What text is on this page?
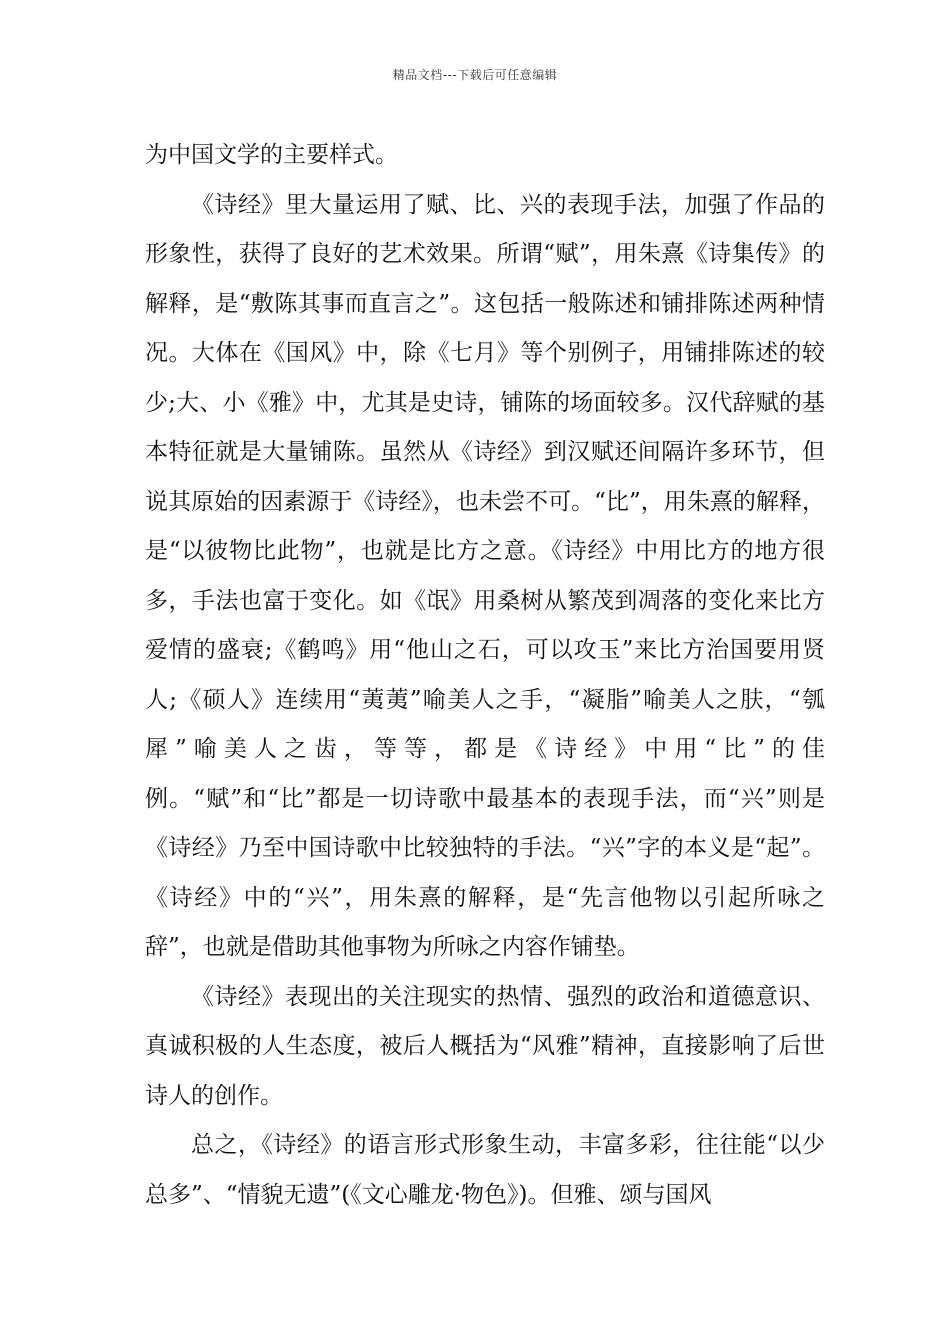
精品文档---下载后可任意编辑

为中国文学的主要样式。

《诗经》里大量运用了赋、比、兴的表现手法，加强了作品的形象性，获得了良好的艺术效果。所谓“赋”，用朱熹《诗集传》的解释，是“敷陈其事而直言之”。这包括一般陈述和铺排陈述两种情况。大体在《国风》中，除《七月》等个别例子，用铺排陈述的较少;大、小《雅》中，尤其是史诗，铺陈的场面较多。汉代辞赋的基本特征就是大量铺陈。虽然从《诗经》到汉赋还间隔许多环节，但说其原始的因素源于《诗经》，也未尝不可。“比”，用朱熹的解释，是“以彼物比此物”，也就是比方之意。《诗经》中用比方的地方很多，手法也富于变化。如《氓》用桑树从繁茂到凋落的变化来比方爱情的盛衰;《鹤鸣》用“他山之石，可以攻玉”来比方治国要用贤人;《硕人》连续用“荑荑”喻美人之手，“凝脂”喻美人之肤，“瓠犀”喻美人之齿，等等，都是《诗经》中用“比”的佳例。“赋”和“比”都是一切诗歌中最基本的表现手法，而“兴”则是《诗经》乃至中国诗歌中比较独特的手法。“兴”字的本义是“起”。《诗经》中的“兴”，用朱熹的解释，是“先言他物以引起所咏之辞”，也就是借助其他事物为所咏之内容作铺垫。

《诗经》表现出的关注现实的热情、强烈的政治和道德意识、真诚积极的人生态度，被后人概括为“风雅”精神，直接影响了后世诗人的创作。

总之，《诗经》的语言形式形象生动，丰富多彩，往往能“以少总多”、“情貌无遗”(《文心雕龙·物色》)。但雅、颂与国风
